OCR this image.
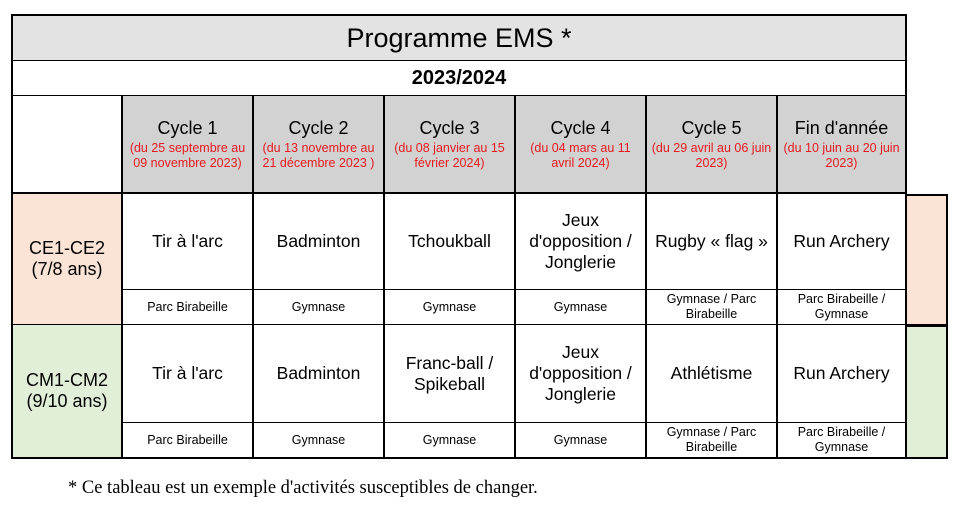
Programme EMS *
2023/2024
Cycle 1
(du 25 septembre au 09 novembre 2023)
Cycle 2
(du 13 novembre au 21 décembre 2023 )
Cycle 3
(du 08 janvier au 15 février 2024)
Cycle 4
(du 04 mars au 11 avril 2024)
Cycle 5
(du 29 avril au 06 juin 2023)
Fin d'année
(du 10 juin au 20 juin 2023)
CE1-CE2
(7/8 ans)
Tir à l'arc
Parc Birabeille
Badminton
Gymnase
Tchoukball
Gymnase
Jeux d'opposition / Jonglerie
Gymnase
Rugby « flag »
Gymnase / Parc Birabeille
Run Archery
Parc Birabeille / Gymnase
CM1-CM2
(9/10 ans)
Tir à l'arc
Parc Birabeille
Badminton
Gymnase
Franc-ball / Spikeball
Gymnase
Jeux d'opposition / Jonglerie
Gymnase
Athlétisme
Gymnase / Parc Birabeille
Run Archery
Parc Birabeille / Gymnase
* Ce tableau est un exemple d'activités susceptibles de changer.
